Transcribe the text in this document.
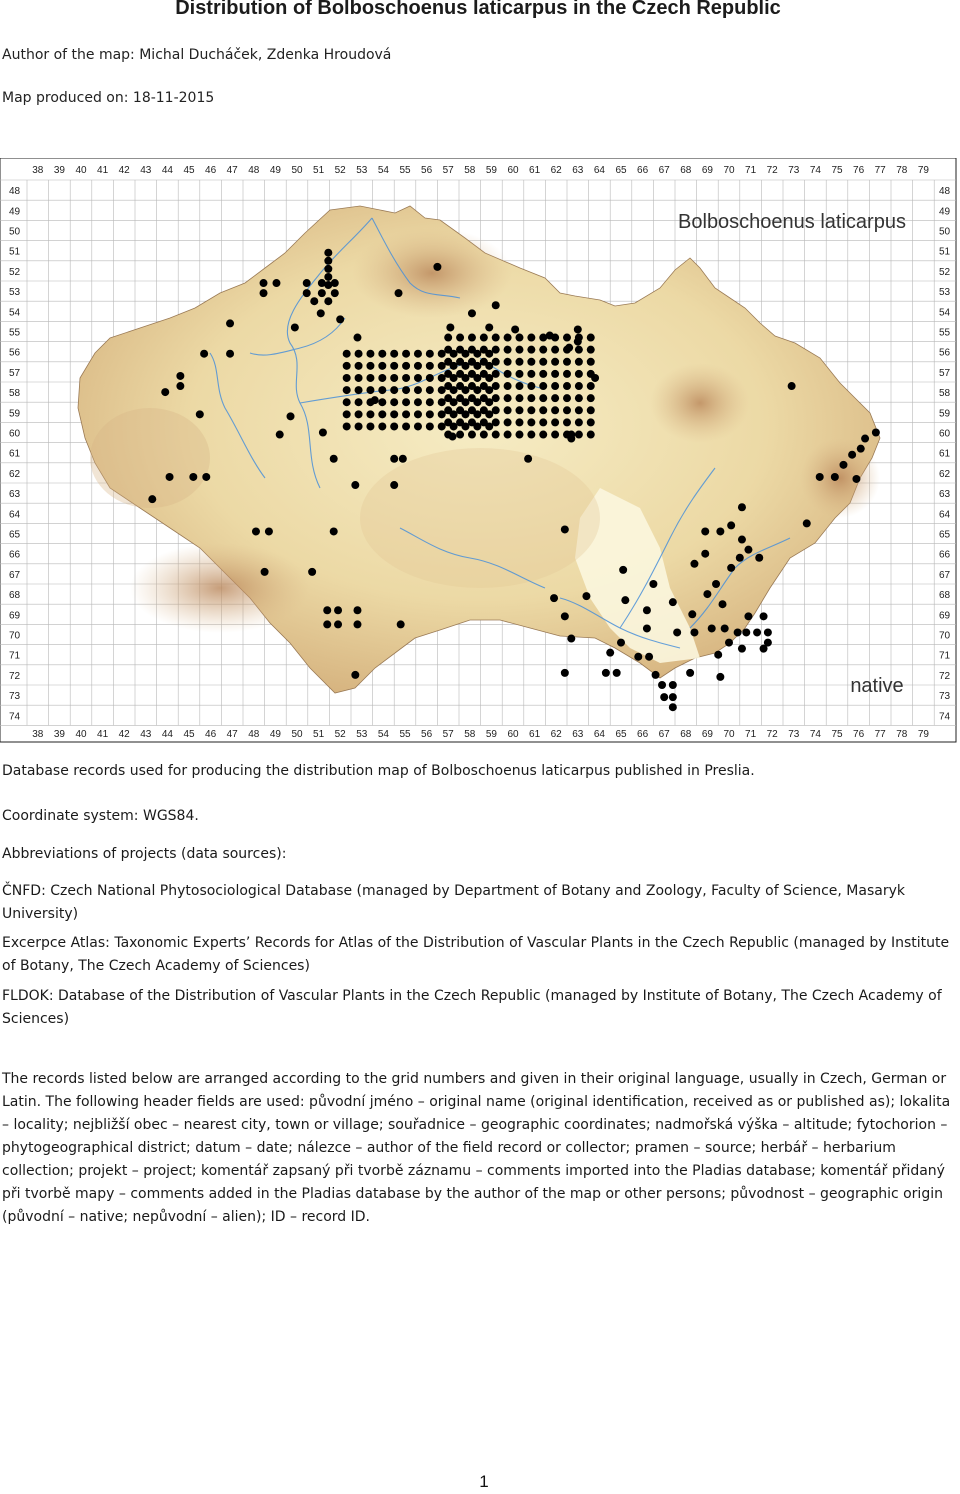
Distribution of Bolboschoenus laticarpus in the Czech Republic
Author of the map: Michal Ducháček, Zdenka Hroudová
Map produced on: 18-11-2015
38 39 40 41 42 43 44 45 46 47 48 49 50 51 52 53 54 55 56 57 58 59 60 61 62 63 64 65 66 67 68 69 70 71 72 73 74 75 76 77 78 79
38 39 40 41 42 43 44 45 46 47 48 49 50 51 52 53 54 55 56 57 58 59 60 61 62 63 64 65 66 67 68 69 70 71 72 73 74 75 76 77 78 79
48
49
50
51
52
53
54
55
56
57
58
59
60
61
62
63
64
65
66
67
68
69
70
71
72
73
74
48
49
50
51
52
53
54
55
56
57
58
59
60
61
62
63
64
65
66
67
68
69
70
71
72
73
74
Bolboschoenus laticarpus
native
Database records used for producing the distribution map of Bolboschoenus laticarpus published in Preslia.
Coordinate system: WGS84.
Abbreviations of projects (data sources):
ČNFD: Czech National Phytosociological Database (managed by Department of Botany and Zoology, Faculty of Science, Masaryk University)
Excerpce Atlas: Taxonomic Experts’ Records for Atlas of the Distribution of Vascular Plants in the Czech Republic (managed by Institute of Botany, The Czech Academy of Sciences)
FLDOK: Database of the Distribution of Vascular Plants in the Czech Republic (managed by Institute of Botany, The Czech Academy of Sciences)
The records listed below are arranged according to the grid numbers and given in their original language, usually in Czech, German or Latin. The following header fields are used: původní jméno – original name (original identification, received as or published as); lokalita – locality; nejbližší obec – nearest city, town or village; souřadnice – geographic coordinates; nadmořská výška – altitude; fytochorion – phytogeographical district; datum – date; nálezce – author of the field record or collector; pramen – source; herbář – herbarium collection; projekt – project; komentář zapsaný při tvorbě záznamu – comments imported into the Pladias database; komentář přidaný při tvorbě mapy – comments added in the Pladias database by the author of the map or other persons; původnost – geographic origin (původní – native; nepůvodní – alien); ID – record ID.
1
